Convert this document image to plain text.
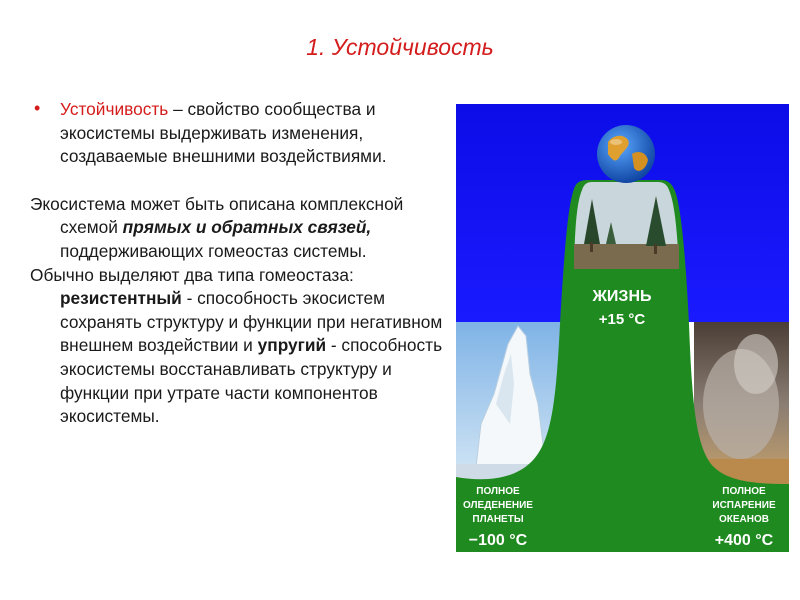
1. Устойчивость

• Устойчивость – свойство сообщества и экосистемы выдерживать изменения, создаваемые внешними воздействиями.

Экосистема может быть описана комплексной схемой прямых и обратных связей, поддерживающих гомеостаз системы.

Обычно выделяют два типа гомеостаза: резистентный - способность экосистем сохранять структуру и функции при негативном внешнем воздействии и упругий - способность экосистемы восстанавливать структуру и функции при утрате части компонентов экосистемы.

ЖИЗНЬ
+15 °C
ПОЛНОЕ
ОЛЕДЕНЕНИЕ
ПЛАНЕТЫ
−100 °C
ПОЛНОЕ
ИСПАРЕНИЕ
ОКЕАНОВ
+400 °C
